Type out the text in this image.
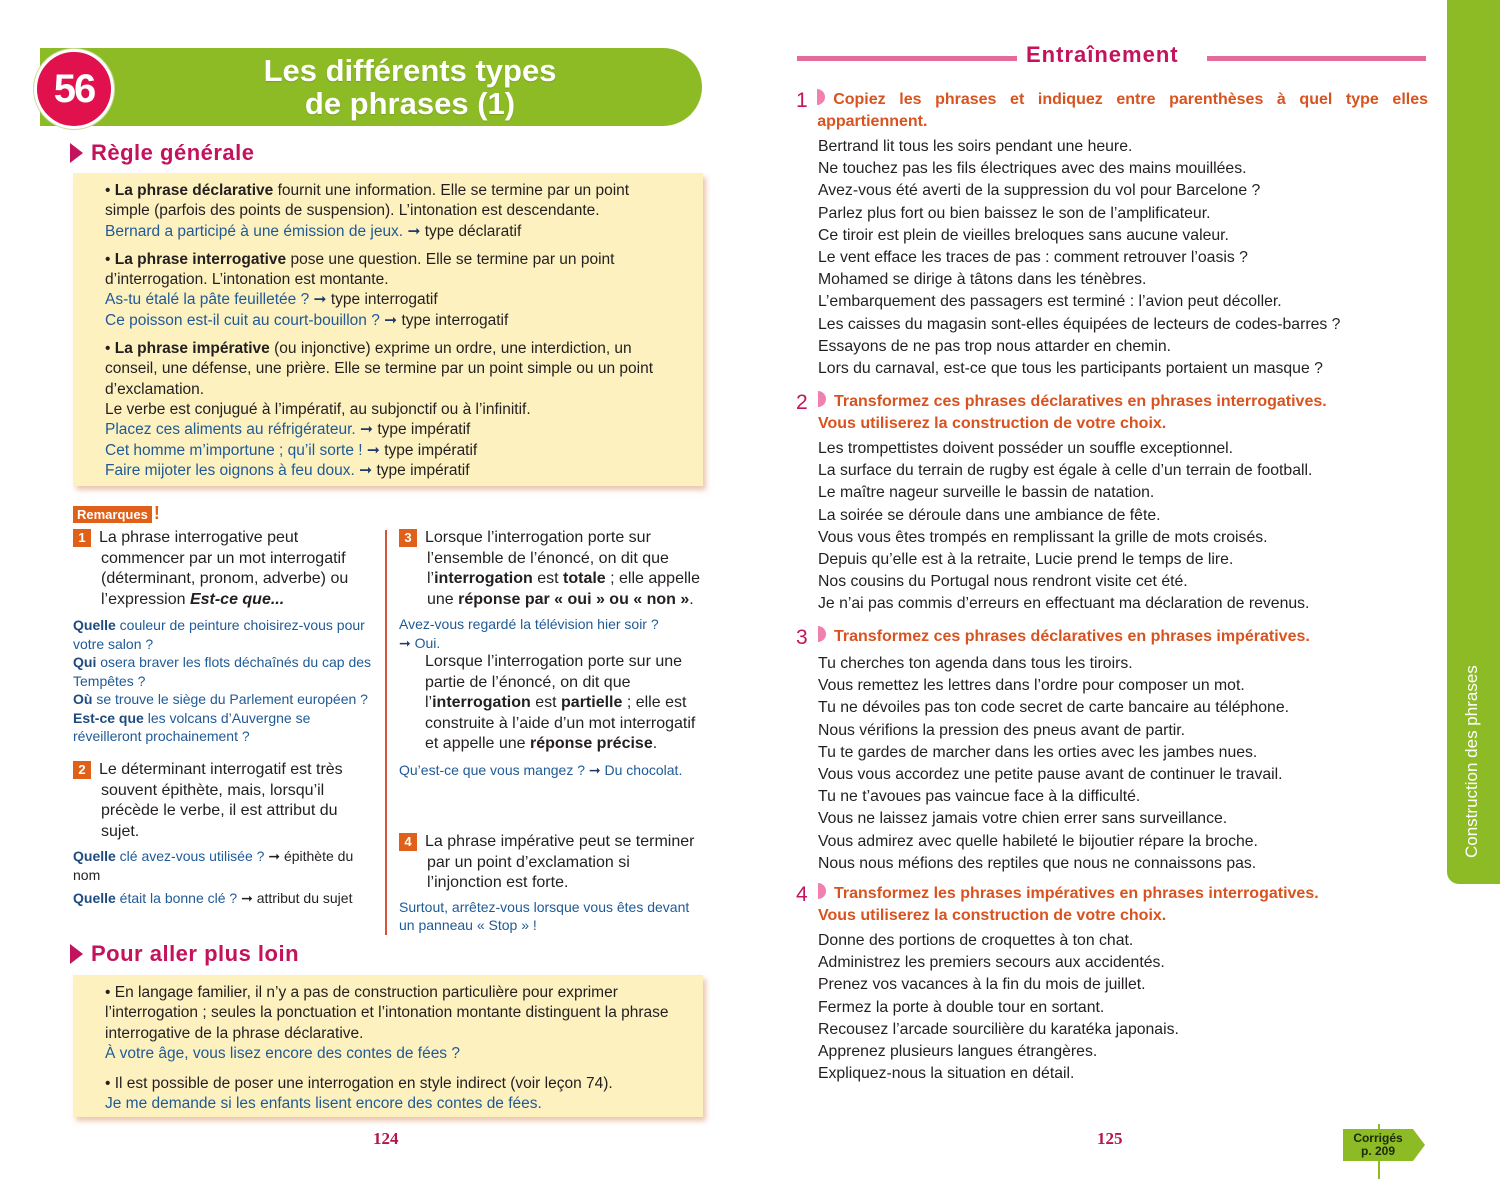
56	Les différents types
de phrases (1)
Règle générale
• La phrase déclarative fournit une information. Elle se termine par un point simple (parfois des points de suspension). L’intonation est descendante.
Bernard a participé à une émission de jeux. ➞ type déclaratif
• La phrase interrogative pose une question. Elle se termine par un point d’interrogation. L’intonation est montante.
As-tu étalé la pâte feuilletée ? ➞ type interrogatif
Ce poisson est-il cuit au court-bouillon ? ➞ type interrogatif
• La phrase impérative (ou injonctive) exprime un ordre, une interdiction, un conseil, une défense, une prière. Elle se termine par un point simple ou un point d’exclamation.
Le verbe est conjugué à l’impératif, au subjonctif ou à l’infinitif.
Placez ces aliments au réfrigérateur. ➞ type impératif
Cet homme m’importune ; qu’il sorte ! ➞ type impératif
Faire mijoter les oignons à feu doux. ➞ type impératif
Remarques !
1 La phrase interrogative peut commencer par un mot interrogatif (déterminant, pronom, adverbe) ou l’expression Est-ce que...
Quelle couleur de peinture choisirez-vous pour votre salon ?
Qui osera braver les flots déchaînés du cap des Tempêtes ?
Où se trouve le siège du Parlement européen ?
Est-ce que les volcans d’Auvergne se réveilleront prochainement ?
2 Le déterminant interrogatif est très souvent épithète, mais, lorsqu’il précède le verbe, il est attribut du sujet.
Quelle clé avez-vous utilisée ? ➞ épithète du nom
Quelle était la bonne clé ? ➞ attribut du sujet
3 Lorsque l’interrogation porte sur l’ensemble de l’énoncé, on dit que l’interrogation est totale ; elle appelle une réponse par « oui » ou « non ».
Avez-vous regardé la télévision hier soir ?
➞ Oui.
Lorsque l’interrogation porte sur une partie de l’énoncé, on dit que l’interrogation est partielle ; elle est construite à l’aide d’un mot interrogatif et appelle une réponse précise.
Qu’est-ce que vous mangez ? ➞ Du chocolat.
4 La phrase impérative peut se terminer par un point d’exclamation si l’injonction est forte.
Surtout, arrêtez-vous lorsque vous êtes devant un panneau « Stop » !
Pour aller plus loin
• En langage familier, il n’y a pas de construction particulière pour exprimer l’interrogation ; seules la ponctuation et l’intonation montante distinguent la phrase interrogative de la phrase déclarative.
À votre âge, vous lisez encore des contes de fées ?
• Il est possible de poser une interrogation en style indirect (voir leçon 74).
Je me demande si les enfants lisent encore des contes de fées.
124
Entraînement
1	Copiez les phrases et indiquez entre parenthèses à quel type elles appartiennent.
Bertrand lit tous les soirs pendant une heure.
Ne touchez pas les fils électriques avec des mains mouillées.
Avez-vous été averti de la suppression du vol pour Barcelone ?
Parlez plus fort ou bien baissez le son de l’amplificateur.
Ce tiroir est plein de vieilles breloques sans aucune valeur.
Le vent efface les traces de pas : comment retrouver l’oasis ?
Mohamed se dirige à tâtons dans les ténèbres.
L’embarquement des passagers est terminé : l’avion peut décoller.
Les caisses du magasin sont-elles équipées de lecteurs de codes-barres ?
Essayons de ne pas trop nous attarder en chemin.
Lors du carnaval, est-ce que tous les participants portaient un masque ?
2	Transformez ces phrases déclaratives en phrases interrogatives.
Vous utiliserez la construction de votre choix.
Les trompettistes doivent posséder un souffle exceptionnel.
La surface du terrain de rugby est égale à celle d’un terrain de football.
Le maître nageur surveille le bassin de natation.
La soirée se déroule dans une ambiance de fête.
Vous vous êtes trompés en remplissant la grille de mots croisés.
Depuis qu’elle est à la retraite, Lucie prend le temps de lire.
Nos cousins du Portugal nous rendront visite cet été.
Je n’ai pas commis d’erreurs en effectuant ma déclaration de revenus.
3	Transformez ces phrases déclaratives en phrases impératives.
Tu cherches ton agenda dans tous les tiroirs.
Vous remettez les lettres dans l’ordre pour composer un mot.
Tu ne dévoiles pas ton code secret de carte bancaire au téléphone.
Nous vérifions la pression des pneus avant de partir.
Tu te gardes de marcher dans les orties avec les jambes nues.
Vous vous accordez une petite pause avant de continuer le travail.
Tu ne t’avoues pas vaincue face à la difficulté.
Vous ne laissez jamais votre chien errer sans surveillance.
Vous admirez avec quelle habileté le bijoutier répare la broche.
Nous nous méfions des reptiles que nous ne connaissons pas.
4	Transformez les phrases impératives en phrases interrogatives.
Vous utiliserez la construction de votre choix.
Donne des portions de croquettes à ton chat.
Administrez les premiers secours aux accidentés.
Prenez vos vacances à la fin du mois de juillet.
Fermez la porte à double tour en sortant.
Recousez l’arcade sourcilière du karatéka japonais.
Apprenez plusieurs langues étrangères.
Expliquez-nous la situation en détail.
125
Construction des phrases
Corrigés
p. 209
